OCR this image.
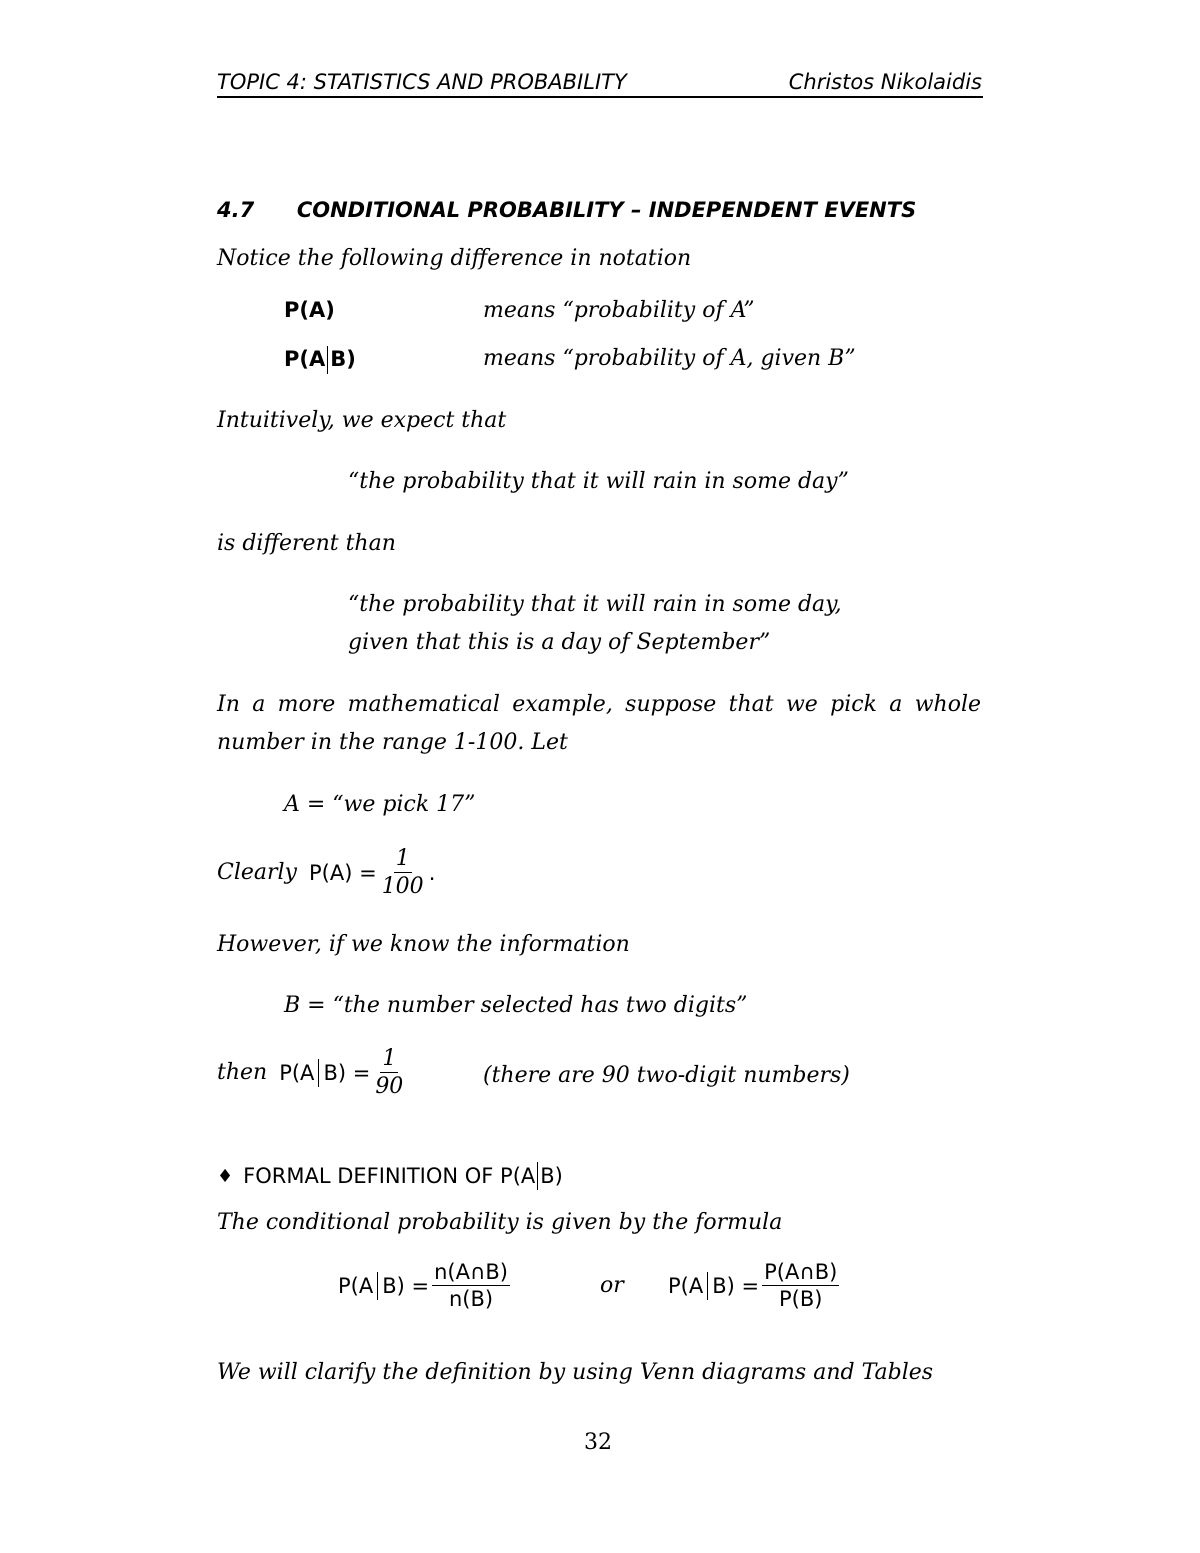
TOPIC 4: STATISTICS AND PROBABILITY	Christos Nikolaidis
4.7 CONDITIONAL PROBABILITY – INDEPENDENT EVENTS
Notice the following difference in notation
P(A)	means “probability of A”
P(A B)	means “probability of A, given B”
Intuitively, we expect that
“the probability that it will rain in some day”
is different than
“the probability that it will rain in some day,
given that this is a day of September”
In a more mathematical example, suppose that we pick a whole
number in the range 1-100. Let
A = “we pick 17”
Clearly $P(A) = \frac{1}{100}$ .
However, if we know the information
B = “the number selected has two digits”
then P(A $B) = \frac{1}{90}$	(there are 90 two-digit numbers)
♦ FORMAL DEFINITION OF P(A B)
The conditional probability is given by the formula
P(A $B) = \frac{n(A\cap B)}{n(B)}$	or P(A $B) = \frac{P(A\cap B)}{P(B)}$
We will clarify the definition by using Venn diagrams and Tables
32
